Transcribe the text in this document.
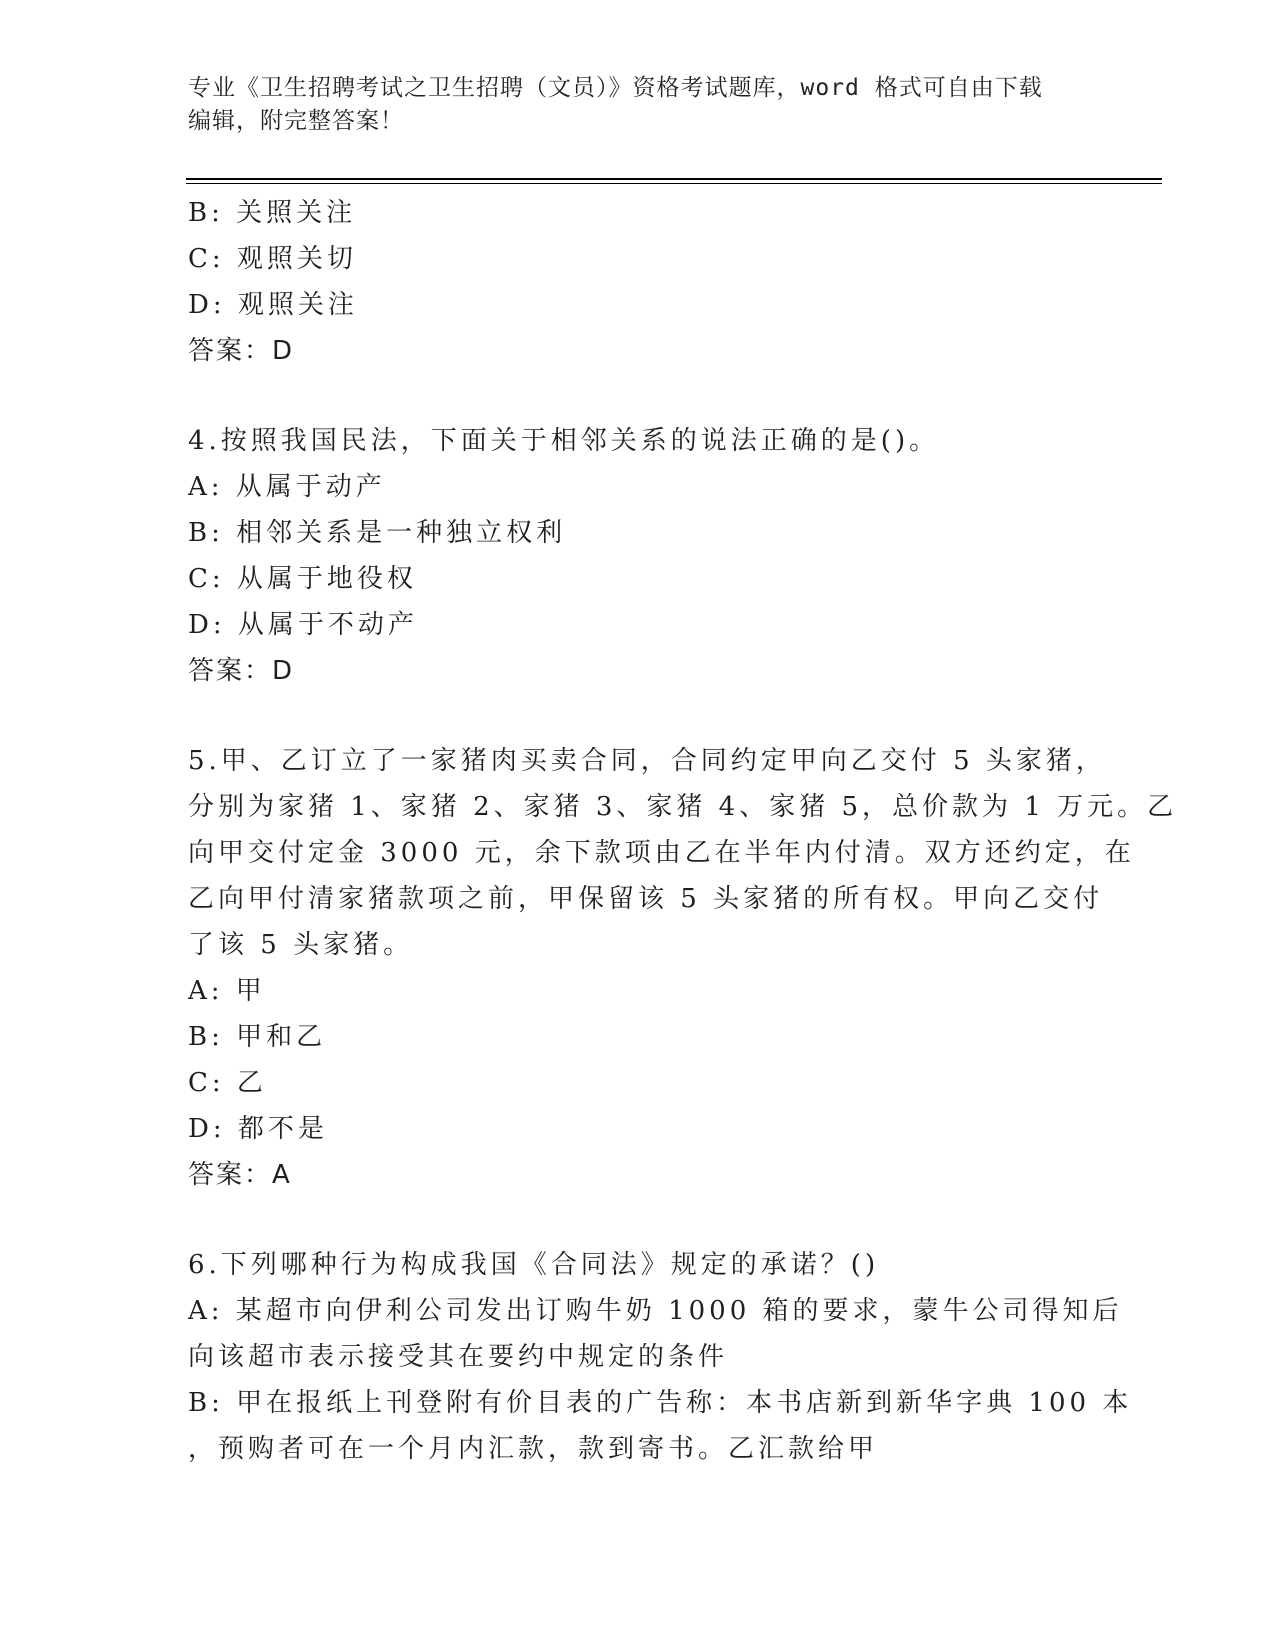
专业《卫生招聘考试之卫生招聘（文员）》资格考试题库，word 格式可自由下载
编辑，附完整答案！
B: 关照关注
C: 观照关切
D: 观照关注
答案：D
4.按照我国民法，下面关于相邻关系的说法正确的是()。
A: 从属于动产
B: 相邻关系是一种独立权利
C: 从属于地役权
D: 从属于不动产
答案：D
5.甲、乙订立了一家猪肉买卖合同，合同约定甲向乙交付 5 头家猪，
分别为家猪 1、家猪 2、家猪 3、家猪 4、家猪 5，总价款为 1 万元。乙
向甲交付定金 3000 元，余下款项由乙在半年内付清。双方还约定，在
乙向甲付清家猪款项之前，甲保留该 5 头家猪的所有权。甲向乙交付
了该 5 头家猪。
A: 甲
B: 甲和乙
C: 乙
D: 都不是
答案：A
6.下列哪种行为构成我国《合同法》规定的承诺？()
A: 某超市向伊利公司发出订购牛奶 1000 箱的要求，蒙牛公司得知后
向该超市表示接受其在要约中规定的条件
B: 甲在报纸上刊登附有价目表的广告称：本书店新到新华字典 100 本
，预购者可在一个月内汇款，款到寄书。乙汇款给甲
